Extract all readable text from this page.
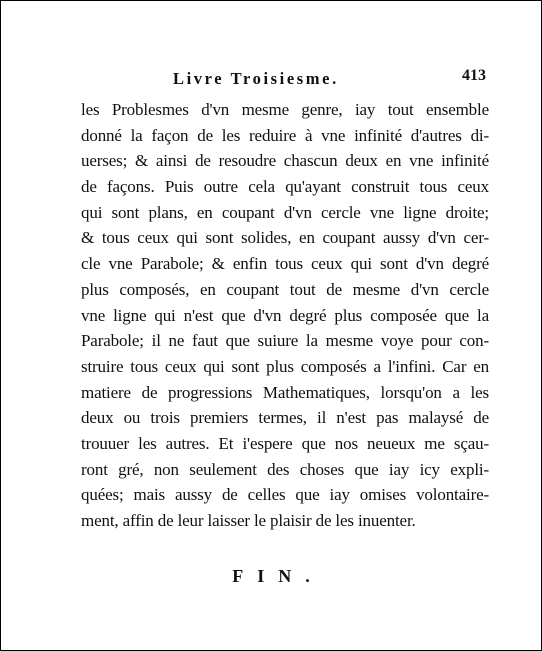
Livre Troisiesme.	413
les Problesmes d'vn mesme genre, iay tout ensemble
donné la façon de les reduire à vne infinité d'autres di-
uerses; & ainsi de resoudre chascun deux en vne infinité
de façons. Puis outre cela qu'ayant construit tous ceux
qui sont plans, en coupant d'vn cercle vne ligne droite;
& tous ceux qui sont solides, en coupant aussy d'vn cer-
cle vne Parabole; & enfin tous ceux qui sont d'vn degré
plus composés, en coupant tout de mesme d'vn cercle
vne ligne qui n'est que d'vn degré plus composée que la
Parabole; il ne faut que suiure la mesme voye pour con-
struire tous ceux qui sont plus composés a l'infini. Car en
matiere de progressions Mathematiques, lorsqu'on a les
deux ou trois premiers termes, il n'est pas malaysé de
trouuer les autres. Et i'espere que nos neueux me sçau-
ront gré, non seulement des choses que iay icy expli-
quées; mais aussy de celles que iay omises volontaire-
ment, affin de leur laisser le plaisir de les inuenter.
FIN.
